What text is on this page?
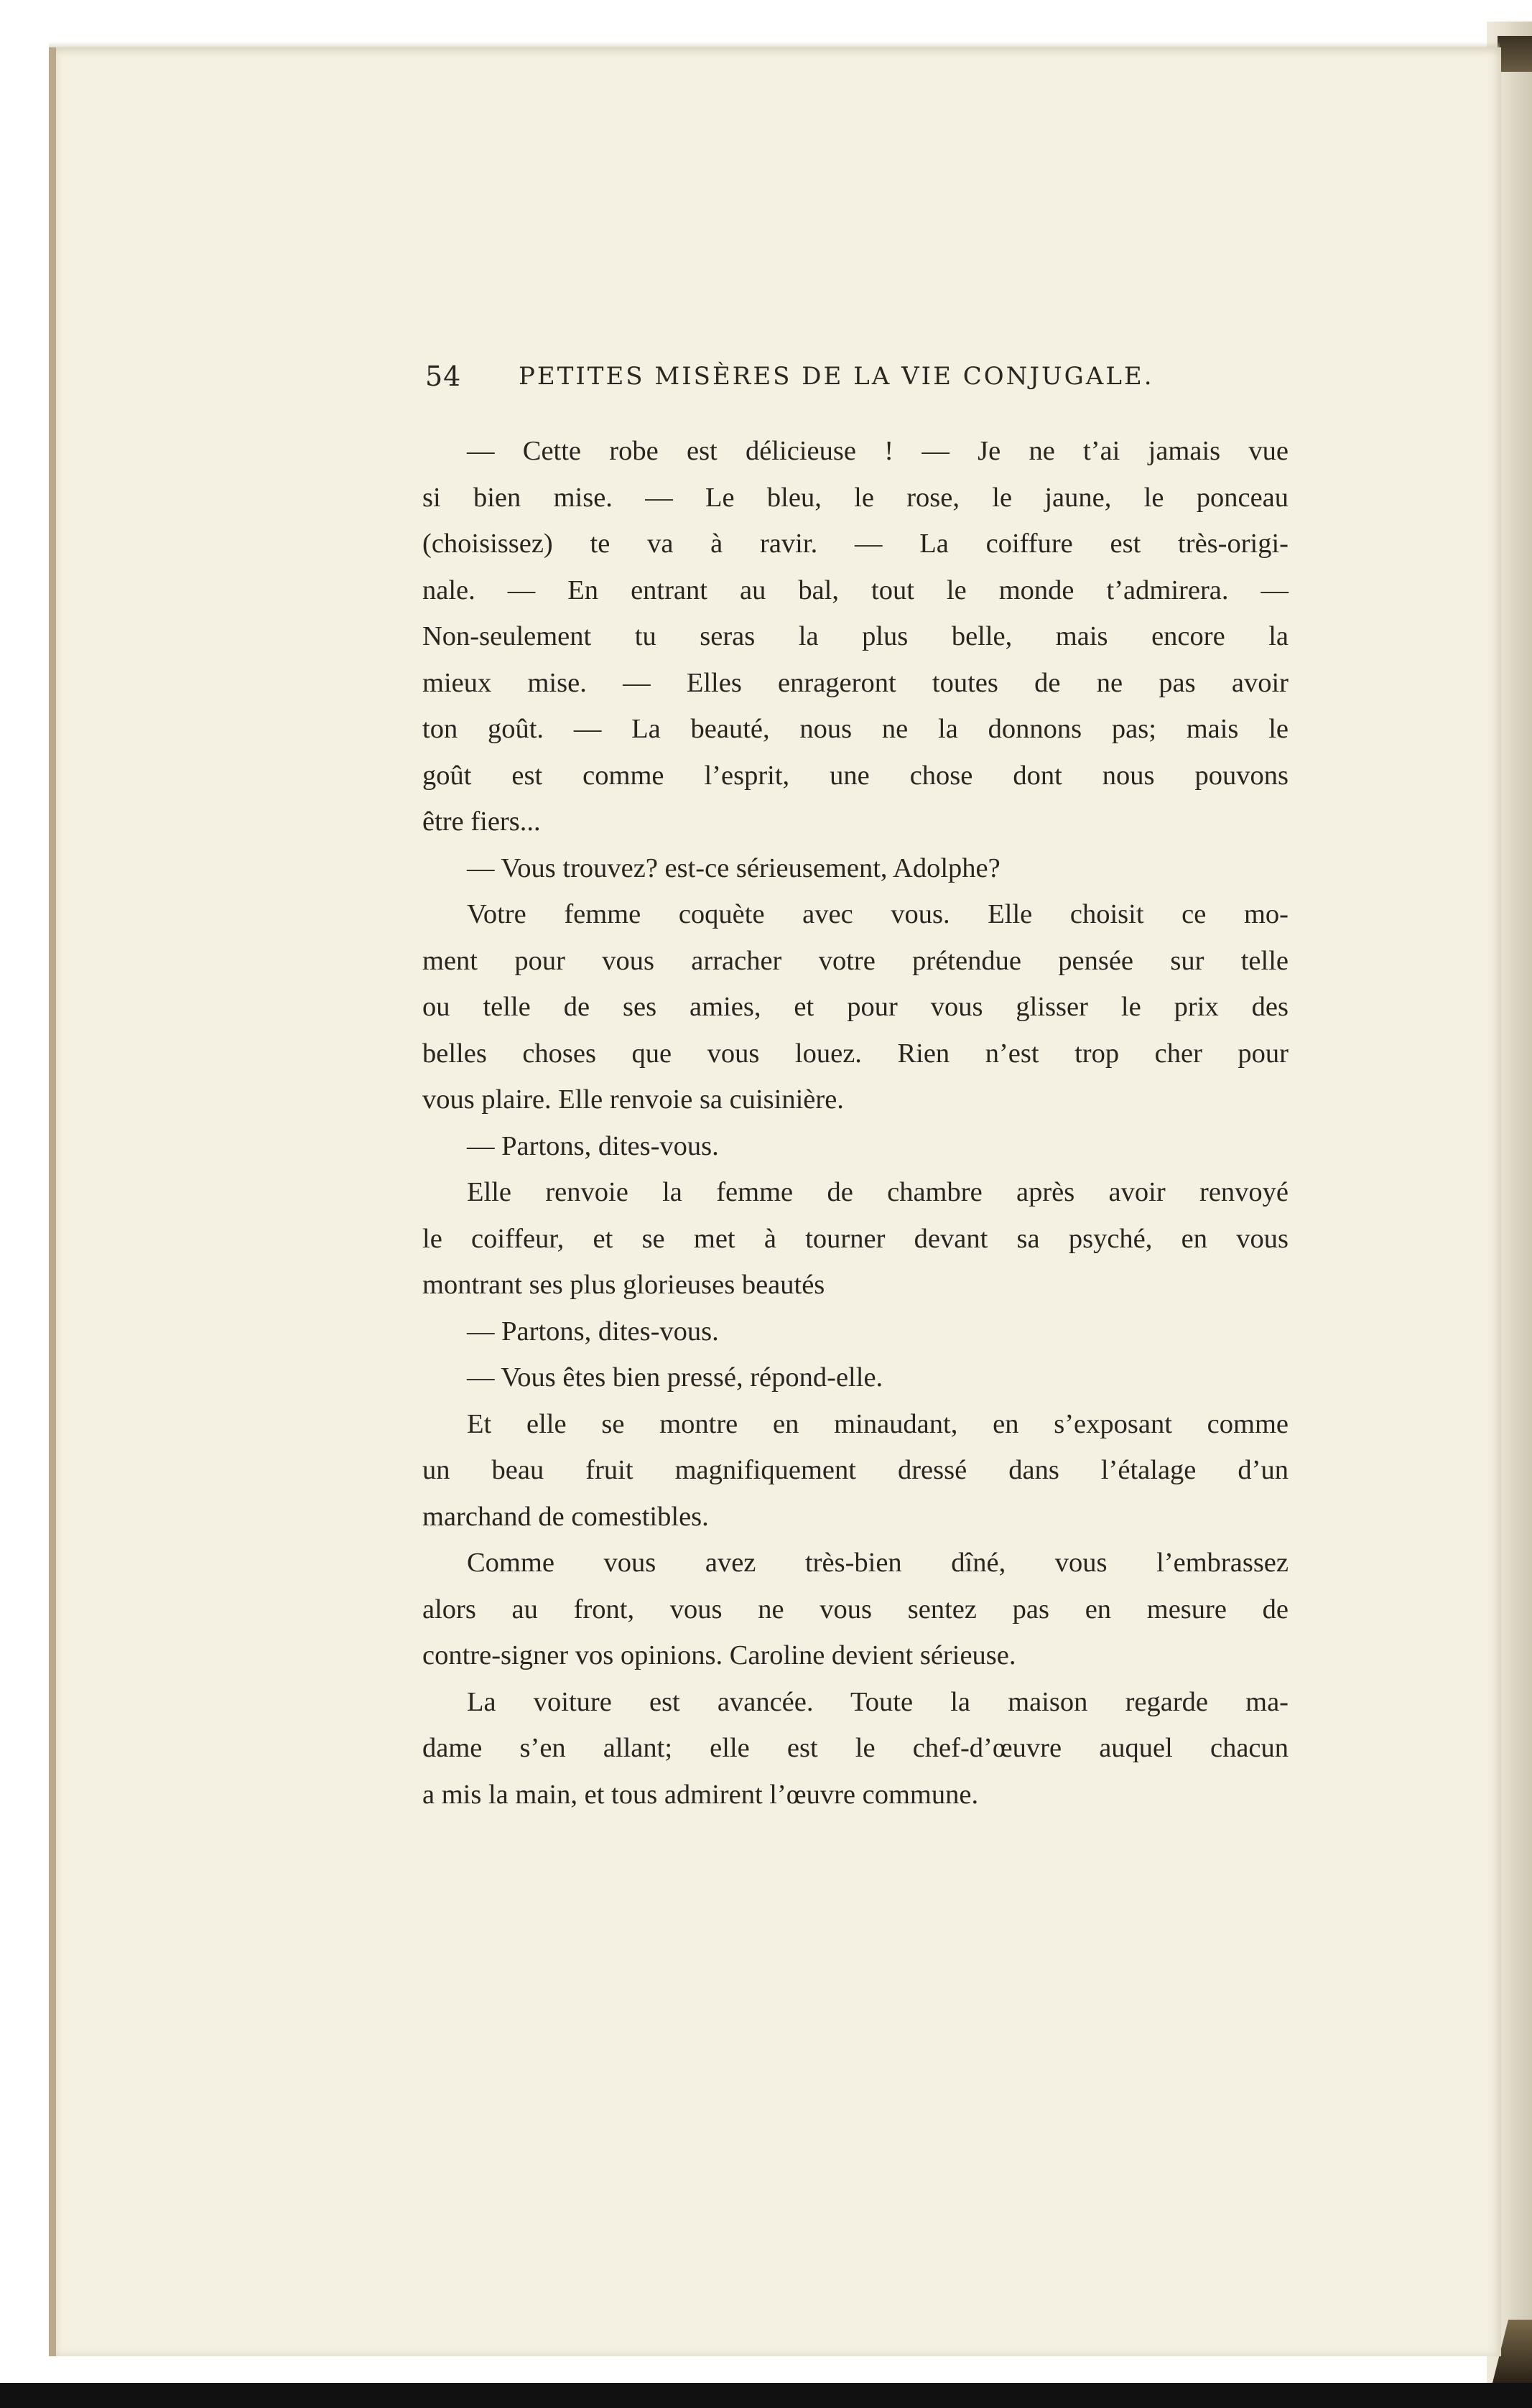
54 PETITES MISÈRES DE LA VIE CONJUGALE.
— Cette robe est délicieuse ! — Je ne t’ai jamais vue
si bien mise. — Le bleu, le rose, le jaune, le ponceau
(choisissez) te va à ravir. — La coiffure est très-origi-
nale. — En entrant au bal, tout le monde t’admirera. —
Non-seulement tu seras la plus belle, mais encore la
mieux mise. — Elles enrageront toutes de ne pas avoir
ton goût. — La beauté, nous ne la donnons pas; mais le
goût est comme l’esprit, une chose dont nous pouvons
être fiers...
— Vous trouvez? est-ce sérieusement, Adolphe?
Votre femme coquète avec vous. Elle choisit ce mo-
ment pour vous arracher votre prétendue pensée sur telle
ou telle de ses amies, et pour vous glisser le prix des
belles choses que vous louez. Rien n’est trop cher pour
vous plaire. Elle renvoie sa cuisinière.
— Partons, dites-vous.
Elle renvoie la femme de chambre après avoir renvoyé
le coiffeur, et se met à tourner devant sa psyché, en vous
montrant ses plus glorieuses beautés
— Partons, dites-vous.
— Vous êtes bien pressé, répond-elle.
Et elle se montre en minaudant, en s’exposant comme
un beau fruit magnifiquement dressé dans l’étalage d’un
marchand de comestibles.
Comme vous avez très-bien dîné, vous l’embrassez
alors au front, vous ne vous sentez pas en mesure de
contre-signer vos opinions. Caroline devient sérieuse.
La voiture est avancée. Toute la maison regarde ma-
dame s’en allant; elle est le chef-d’œuvre auquel chacun
a mis la main, et tous admirent l’œuvre commune.
